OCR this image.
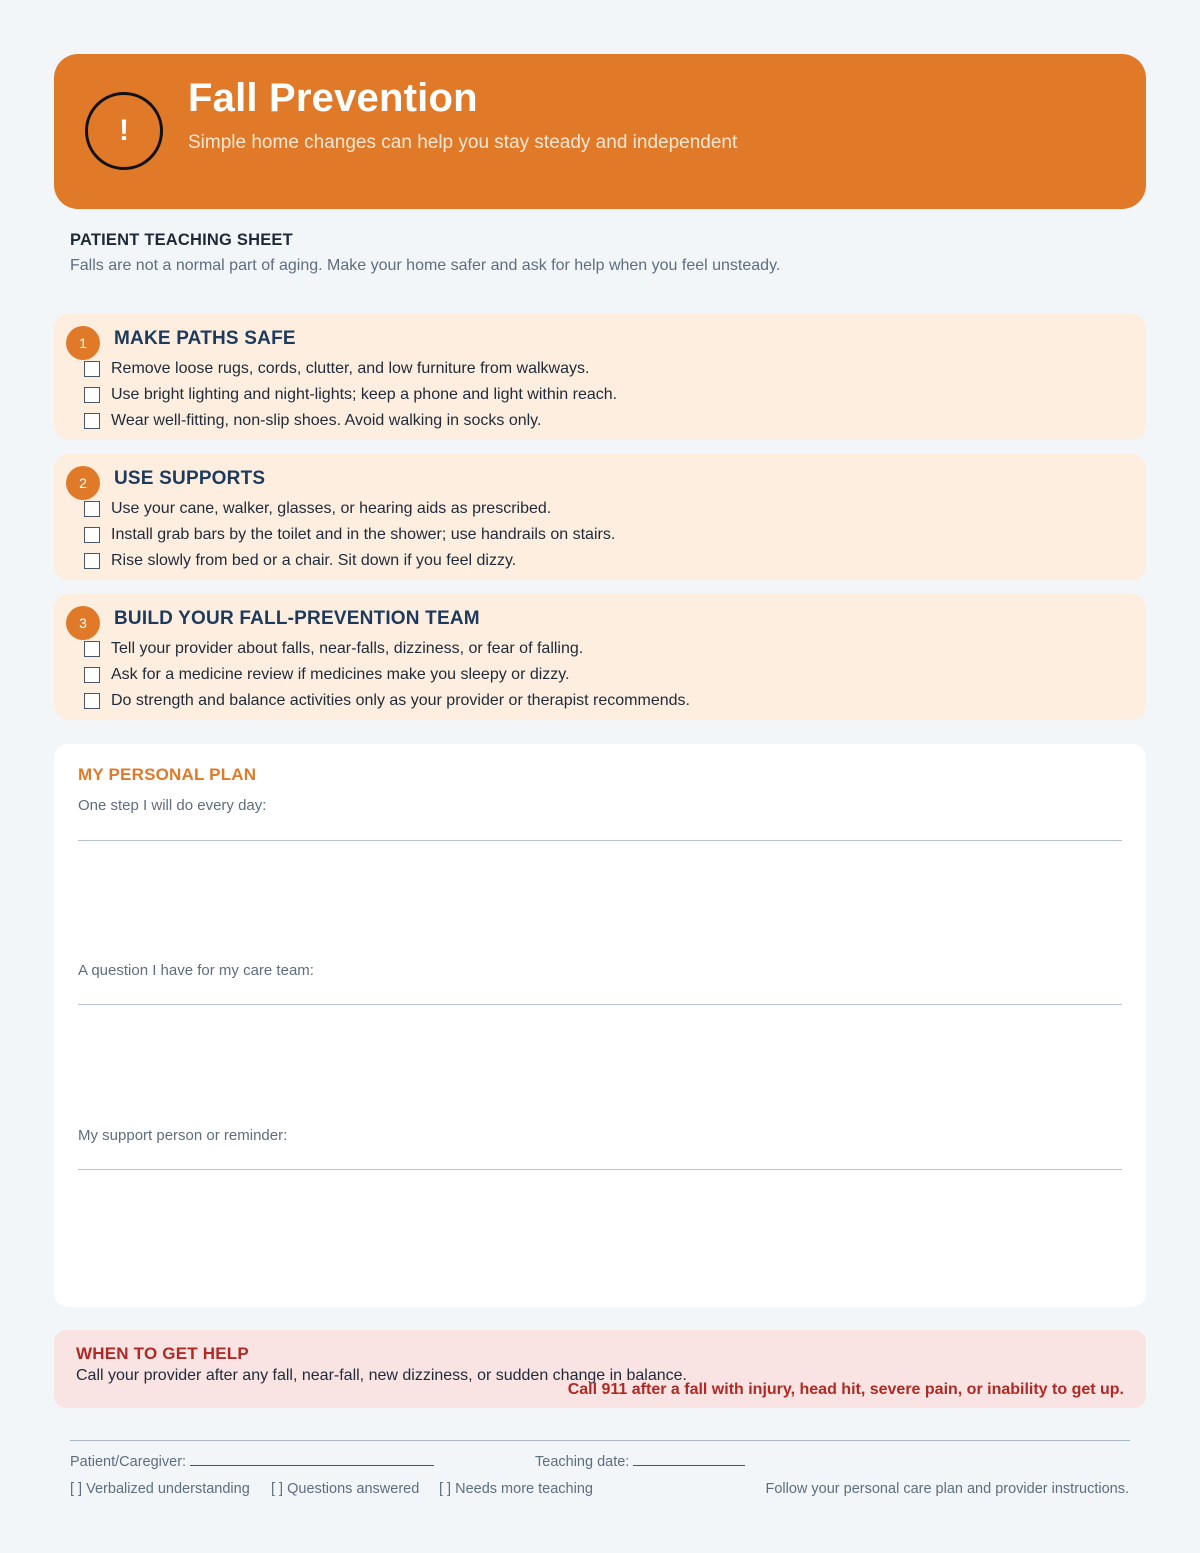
!
Fall Prevention
Simple home changes can help you stay steady and independent
PATIENT TEACHING SHEET
Falls are not a normal part of aging. Make your home safer and ask for help when you feel unsteady.
1	MAKE PATHS SAFE
Remove loose rugs, cords, clutter, and low furniture from walkways.
Use bright lighting and night-lights; keep a phone and light within reach.
Wear well-fitting, non-slip shoes. Avoid walking in socks only.
2	USE SUPPORTS
Use your cane, walker, glasses, or hearing aids as prescribed.
Install grab bars by the toilet and in the shower; use handrails on stairs.
Rise slowly from bed or a chair. Sit down if you feel dizzy.
3	BUILD YOUR FALL-PREVENTION TEAM
Tell your provider about falls, near-falls, dizziness, or fear of falling.
Ask for a medicine review if medicines make you sleepy or dizzy.
Do strength and balance activities only as your provider or therapist recommends.
MY PERSONAL PLAN
One step I will do every day:
A question I have for my care team:
My support person or reminder:
WHEN TO GET HELP
Call your provider after any fall, near-fall, new dizziness, or sudden change in balance.
Call 911 after a fall with injury, head hit, severe pain, or inability to get up.
Patient/Caregiver:	Teaching date:
[ ] Verbalized understanding [ ] Questions answered [ ] Needs more teaching	Follow your personal care plan and provider instructions.
